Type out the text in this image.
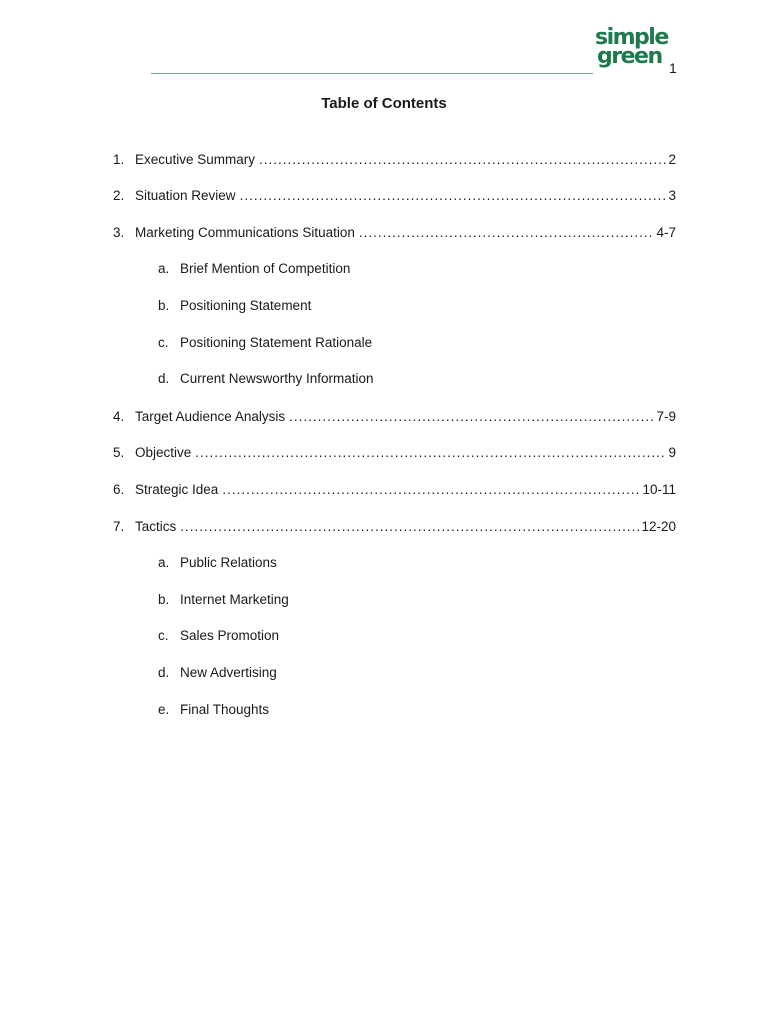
simple
green 1
Table of Contents
1. Executive Summary .....	2
2. Situation Review .....	3
3. Marketing Communications Situation .....	4-7
a. Brief Mention of Competition
b. Positioning Statement
c. Positioning Statement Rationale
d. Current Newsworthy Information
4. Target Audience Analysis .....	7-9
5. Objective .....	9
6. Strategic Idea .....	10-11
7. Tactics .....	12-20
a. Public Relations
b. Internet Marketing
c. Sales Promotion
d. New Advertising
e. Final Thoughts
